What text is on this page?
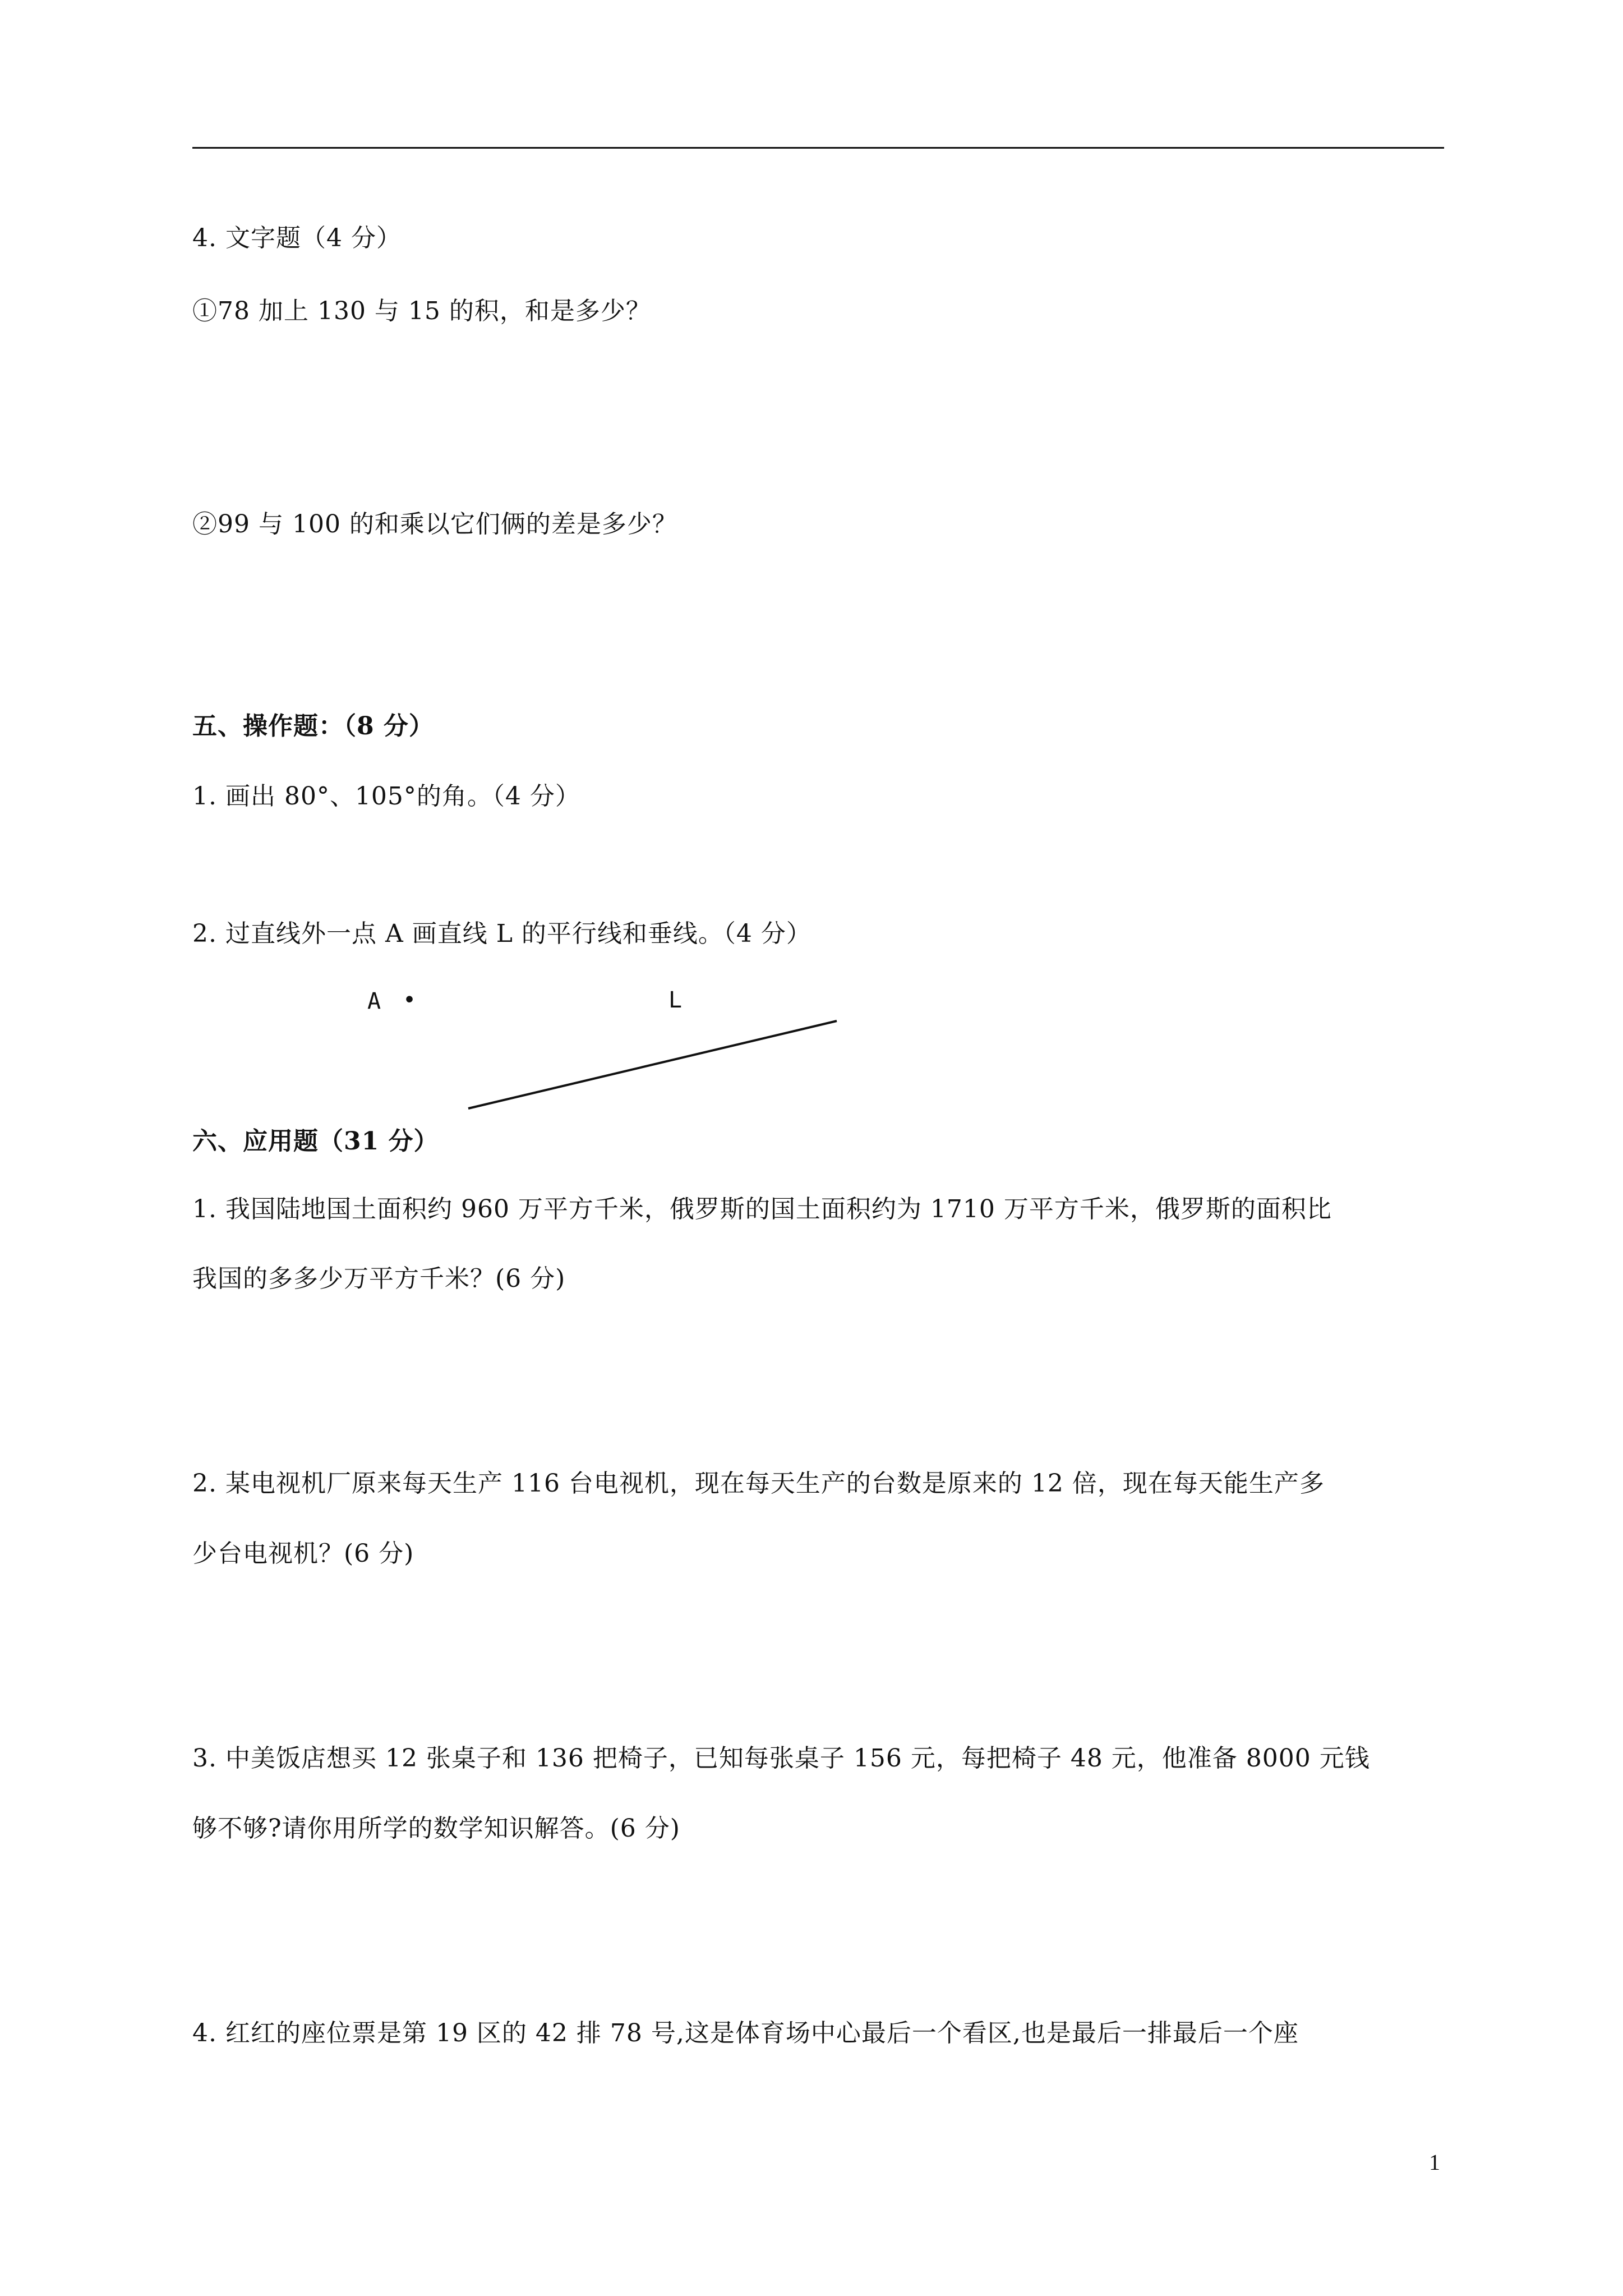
4. 文字题（4 分）
①78 加上 130 与 15 的积，和是多少？
②99 与 100 的和乘以它们俩的差是多少？
五、操作题：（8 分）
1. 画出 80°、105°的角。（4 分）
2. 过直线外一点 A 画直线 L 的平行线和垂线。（4 分）
A •	L
六、应用题（31 分）
1. 我国陆地国土面积约 960 万平方千米，俄罗斯的国土面积约为 1710 万平方千米，俄罗斯的面积比
我国的多多少万平方千米？(6 分)
2. 某电视机厂原来每天生产 116 台电视机，现在每天生产的台数是原来的 12 倍，现在每天能生产多
少台电视机？(6 分)
3. 中美饭店想买 12 张桌子和 136 把椅子，已知每张桌子 156 元，每把椅子 48 元，他准备 8000 元钱
够不够?请你用所学的数学知识解答。(6 分)
4. 红红的座位票是第 19 区的 42 排 78 号,这是体育场中心最后一个看区,也是最后一排最后一个座
1
